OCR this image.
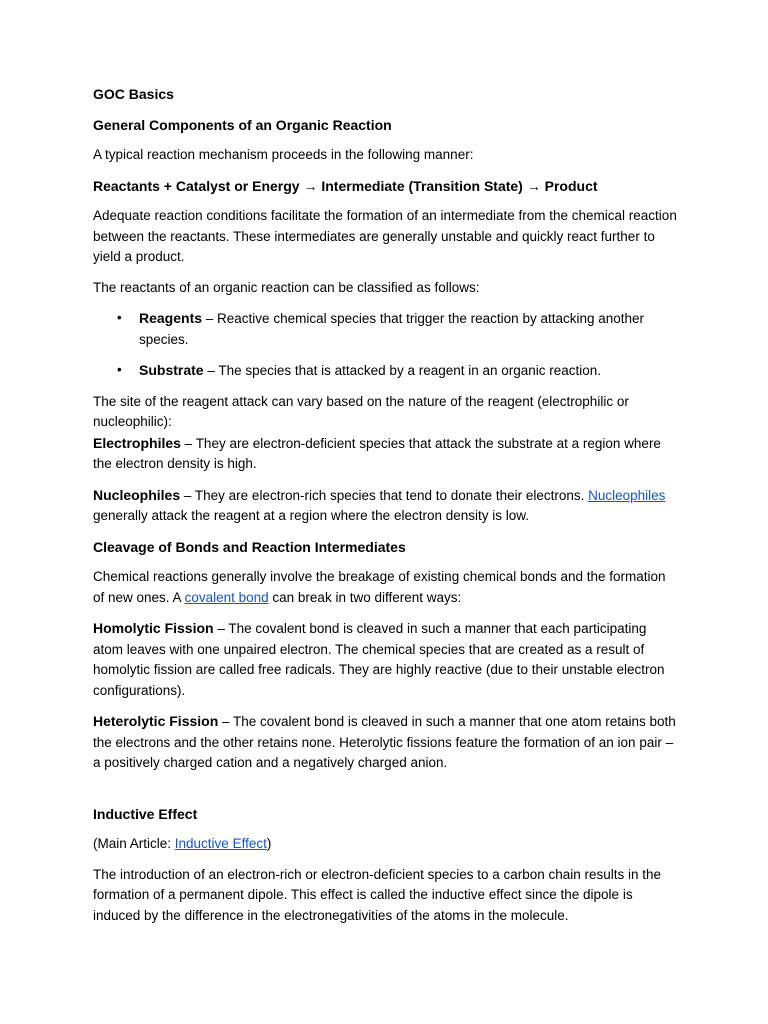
GOC Basics

General Components of an Organic Reaction

A typical reaction mechanism proceeds in the following manner:

Reactants + Catalyst or Energy → Intermediate (Transition State) → Product

Adequate reaction conditions facilitate the formation of an intermediate from the chemical reaction between the reactants. These intermediates are generally unstable and quickly react further to yield a product.

The reactants of an organic reaction can be classified as follows:

• Reagents – Reactive chemical species that trigger the reaction by attacking another species.
• Substrate – The species that is attacked by a reagent in an organic reaction.

The site of the reagent attack can vary based on the nature of the reagent (electrophilic or nucleophilic):

Electrophiles – They are electron-deficient species that attack the substrate at a region where the electron density is high.

Nucleophiles – They are electron-rich species that tend to donate their electrons. Nucleophiles generally attack the reagent at a region where the electron density is low.

Cleavage of Bonds and Reaction Intermediates

Chemical reactions generally involve the breakage of existing chemical bonds and the formation of new ones. A covalent bond can break in two different ways:

Homolytic Fission – The covalent bond is cleaved in such a manner that each participating atom leaves with one unpaired electron. The chemical species that are created as a result of homolytic fission are called free radicals. They are highly reactive (due to their unstable electron configurations).

Heterolytic Fission – The covalent bond is cleaved in such a manner that one atom retains both the electrons and the other retains none. Heterolytic fissions feature the formation of an ion pair – a positively charged cation and a negatively charged anion.

Inductive Effect

(Main Article: Inductive Effect)

The introduction of an electron-rich or electron-deficient species to a carbon chain results in the formation of a permanent dipole. This effect is called the inductive effect since the dipole is induced by the difference in the electronegativities of the atoms in the molecule.
